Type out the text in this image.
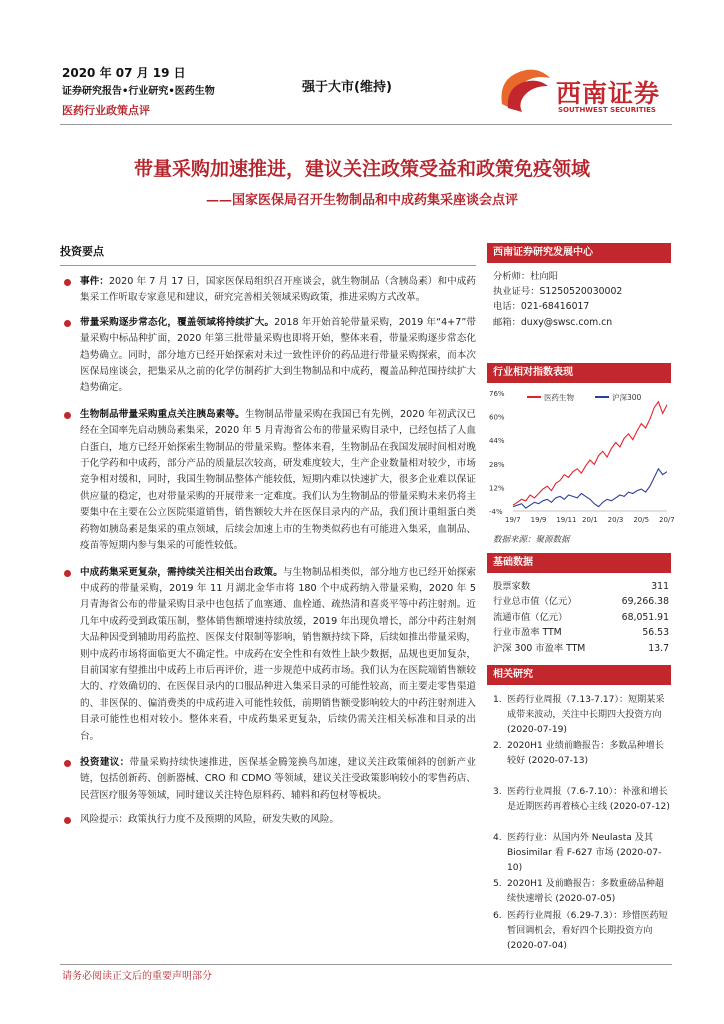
2020 年 07 月 19 日
证券研究报告•行业研究•医药生物
医药行业政策点评
强于大市(维持)	西南证券
SOUTHWEST SECURITIES
带量采购加速推进，建议关注政策受益和政策免疫领域
——国家医保局召开生物制品和中成药集采座谈会点评
投资要点
事件：2020 年 7 月 17 日，国家医保局组织召开座谈会，就生物制品（含胰岛素）和中成药集采工作听取专家意见和建议，研究完善相关领域采购政策，推进采购方式改革。
带量采购逐步常态化，覆盖领域将持续扩大。2018 年开始首轮带量采购，2019 年“4+7”带量采购中标品种扩面，2020 年第三批带量采购也即将开始，整体来看，带量采购逐步常态化趋势确立。同时，部分地方已经开始探索对未过一致性评价的药品进行带量采购探索，而本次医保局座谈会，把集采从之前的化学仿制药扩大到生物制品和中成药，覆盖品种范围持续扩大趋势确定。
生物制品带量采购重点关注胰岛素等。生物制品带量采购在我国已有先例，2020 年初武汉已经在全国率先启动胰岛素集采，2020 年 5 月青海省公布的带量采购目录中，已经包括了人血白蛋白，地方已经开始探索生物制品的带量采购。整体来看，生物制品在我国发展时间相对晚于化学药和中成药，部分产品的质量层次较高，研发难度较大，生产企业数量相对较少，市场竞争相对缓和，同时，我国生物制品整体产能较低，短期内难以快速扩大，很多企业难以保证供应量的稳定，也对带量采购的开展带来一定难度。我们认为生物制品的带量采购未来仍将主要集中在主要在公立医院渠道销售，销售额较大并在医保目录内的产品，我们预计重组蛋白类药物如胰岛素是集采的重点领域，后续会加速上市的生物类似药也有可能进入集采，血制品、疫苗等短期内参与集采的可能性较低。
中成药集采更复杂，需持续关注相关出台政策。与生物制品相类似，部分地方也已经开始探索中成药的带量采购，2019 年 11 月湖北金华市将 180 个中成药纳入带量采购，2020 年 5 月青海省公布的带量采购目录中也包括了血塞通、血栓通、疏热清和喜炎平等中药注射剂。近几年中成药受到政策压制，整体销售额增速持续放缓，2019 年出现负增长，部分中药注射剂大品种因受到辅助用药监控、医保支付限制等影响，销售额持续下降，后续如推出带量采购，则中成药市场将面临更大不确定性。中成药在安全性和有效性上缺少数据，品规也更加复杂，目前国家有望推出中成药上市后再评价，进一步规范中成药市场。我们认为在医院端销售额较大的、疗效确切的、在医保目录内的口服品种进入集采目录的可能性较高，而主要走零售渠道的、非医保的、偏消费类的中成药进入可能性较低，前期销售额受影响较大的中药注射剂进入目录可能性也相对较小。整体来看，中成药集采更复杂，后续仍需关注相关标准和目录的出台。
投资建议：带量采购持续快速推进，医保基金腾笼换鸟加速，建议关注政策倾斜的创新产业链，包括创新药、创新器械、CRO 和 CDMO 等领域，建议关注受政策影响较小的零售药店、民营医疗服务等领域，同时建议关注特色原料药、辅料和药包材等板块。
风险提示：政策执行力度不及预期的风险，研发失败的风险。
西南证券研究发展中心
分析师：杜向阳
执业证号：S1250520030002
电话：021-68416017
邮箱：duxy@swsc.com.cn
行业相对指数表现
76%
60%
44%
28%
12%
-4%
19/7 19/9 19/11 20/1 20/3 20/5 20/7
医药生物	沪深300
数据来源：聚源数据
基础数据
股票家数	311
行业总市值（亿元）	69,266.38
流通市值（亿元）	68,051.91
行业市盈率 TTM	56.53
沪深 300 市盈率 TTM	13.7
相关研究
1. 医药行业周报（7.13-7.17）：短期某采成带来波动，关注中长期四大投资方向 (2020-07-19)
2. 2020H1 业绩前瞻报告：多数品种增长较好 (2020-07-13)
3. 医药行业周报（7.6-7.10）：补涨和增长是近期医药再着核心主线 (2020-07-12)
4. 医药行业：从国内外 Neulasta 及其 Biosimilar 看 F-627 市场 (2020-07-10)
5. 2020H1 及前瞻报告：多数重磅品种超续快速增长 (2020-07-05)
6. 医药行业周报（6.29-7.3）：珍惜医药短暂回调机会，看好四个长期投资方向 (2020-07-04)
请务必阅读正文后的重要声明部分
